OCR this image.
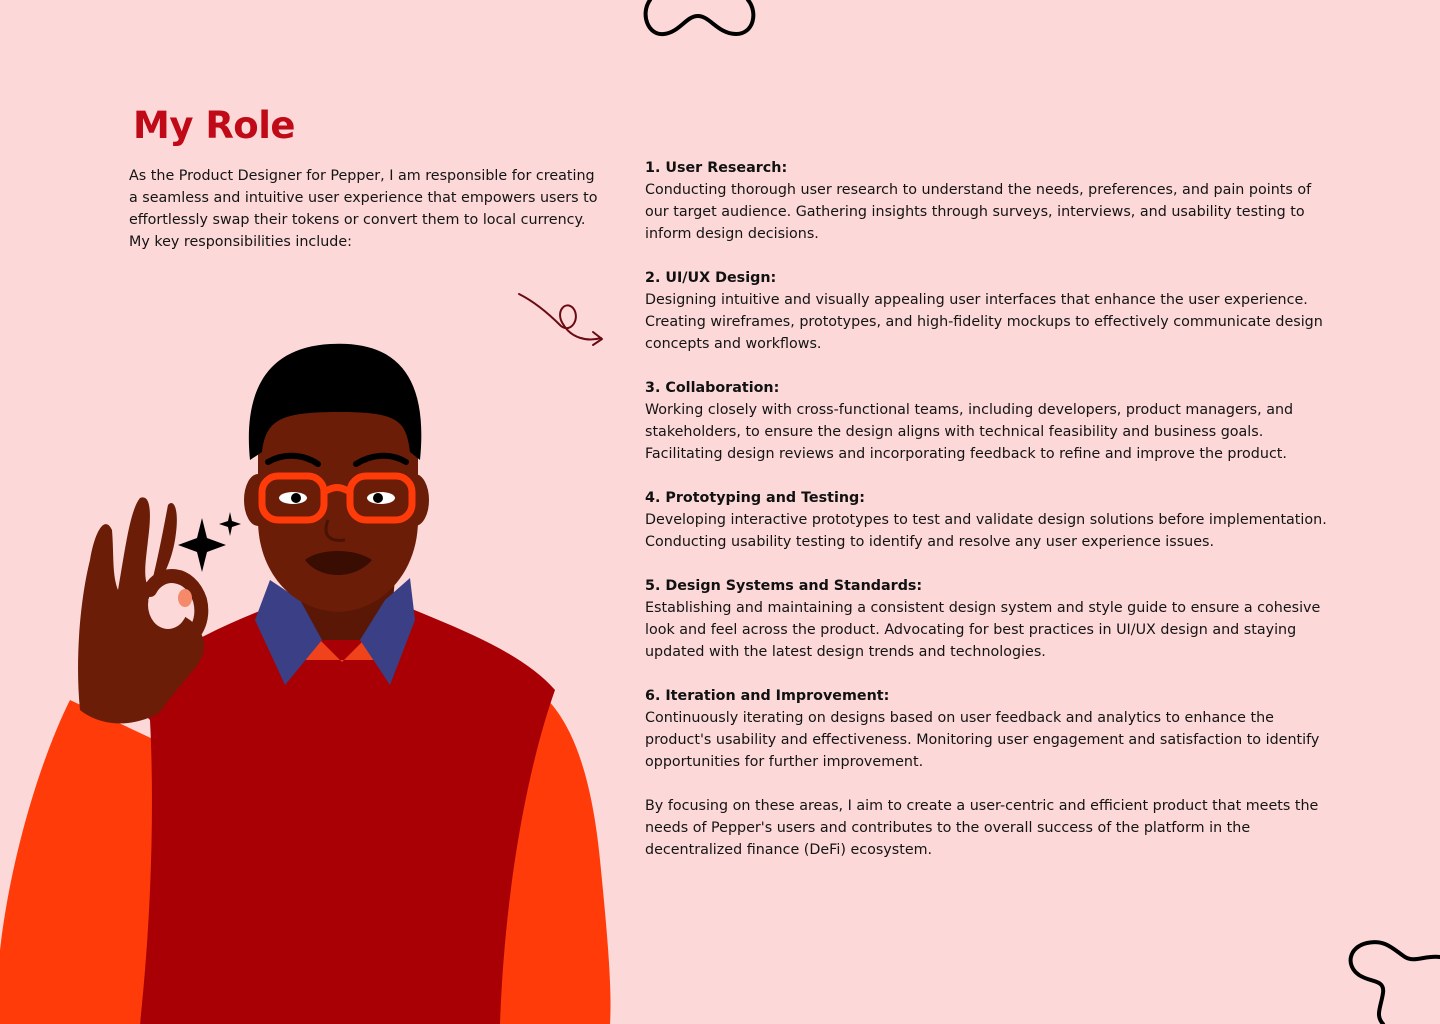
My Role

As the Product Designer for Pepper, I am responsible for creating a seamless and intuitive user experience that empowers users to effortlessly swap their tokens or convert them to local currency. My key responsibilities include:

1. User Research:

Conducting thorough user research to understand the needs, preferences, and pain points of our target audience. Gathering insights through surveys, interviews, and usability testing to inform design decisions.

2. UI/UX Design:

Designing intuitive and visually appealing user interfaces that enhance the user experience. Creating wireframes, prototypes, and high-fidelity mockups to effectively communicate design concepts and workflows.

3. Collaboration:

Working closely with cross-functional teams, including developers, product managers, and stakeholders, to ensure the design aligns with technical feasibility and business goals. Facilitating design reviews and incorporating feedback to refine and improve the product.

4. Prototyping and Testing:

Developing interactive prototypes to test and validate design solutions before implementation. Conducting usability testing to identify and resolve any user experience issues.

5. Design Systems and Standards:

Establishing and maintaining a consistent design system and style guide to ensure a cohesive look and feel across the product. Advocating for best practices in UI/UX design and staying updated with the latest design trends and technologies.

6. Iteration and Improvement:

Continuously iterating on designs based on user feedback and analytics to enhance the product's usability and effectiveness. Monitoring user engagement and satisfaction to identify opportunities for further improvement.

By focusing on these areas, I aim to create a user-centric and efficient product that meets the needs of Pepper's users and contributes to the overall success of the platform in the decentralized finance (DeFi) ecosystem.
